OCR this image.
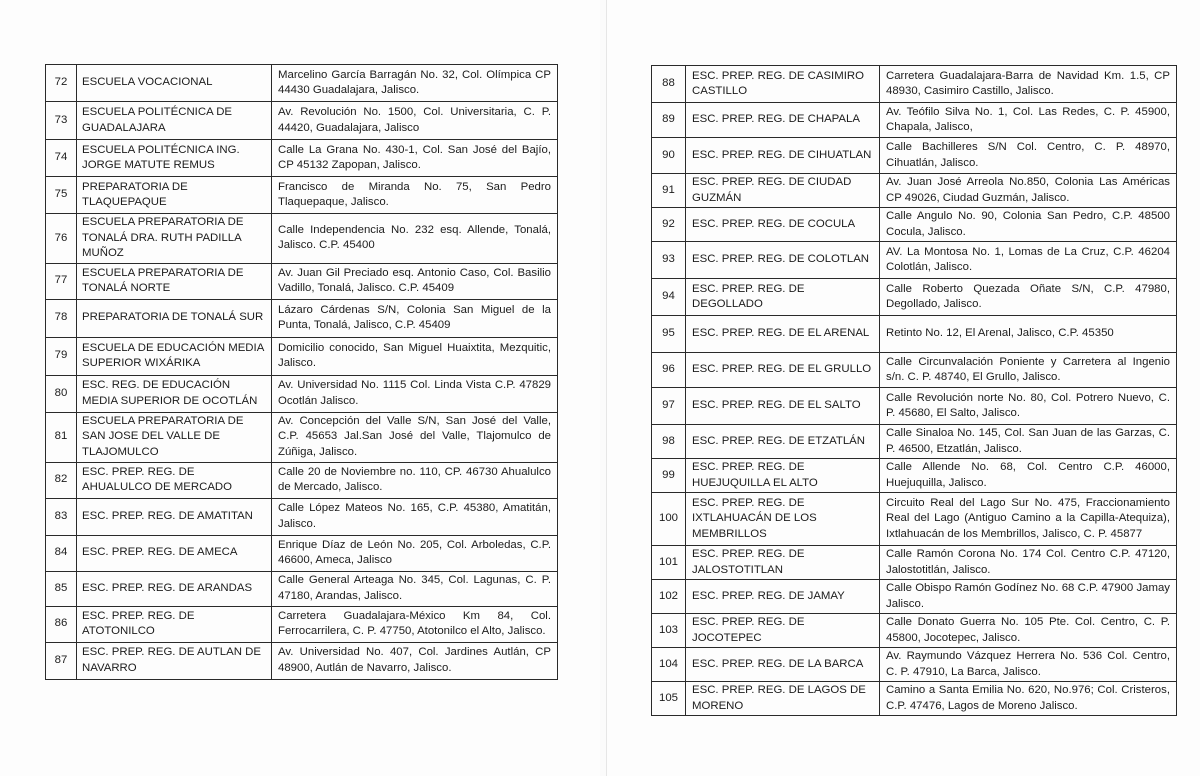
72	ESCUELA VOCACIONAL	Marcelino García Barragán No. 32, Col. Olímpica CP 44430 Guadalajara, Jalisco.
73	ESCUELA POLITÉCNICA DE GUADALAJARA	Av. Revolución No. 1500, Col. Universitaria, C. P. 44420, Guadalajara, Jalisco
74	ESCUELA POLITÉCNICA ING. JORGE MATUTE REMUS	Calle La Grana No. 430-1, Col. San José del Bajío, CP 45132 Zapopan, Jalisco.
75	PREPARATORIA DE TLAQUEPAQUE	Francisco de Miranda No. 75, San Pedro Tlaquepaque, Jalisco.
76	ESCUELA PREPARATORIA DE TONALÁ DRA. RUTH PADILLA MUÑOZ	Calle Independencia No. 232 esq. Allende, Tonalá, Jalisco. C.P. 45400
77	ESCUELA PREPARATORIA DE TONALÁ NORTE	Av. Juan Gil Preciado esq. Antonio Caso, Col. Basilio Vadillo, Tonalá, Jalisco. C.P. 45409
78	PREPARATORIA DE TONALÁ SUR	Lázaro Cárdenas S/N, Colonia San Miguel de la Punta, Tonalá, Jalisco, C.P. 45409
79	ESCUELA DE EDUCACIÓN MEDIA SUPERIOR WIXÁRIKA	Domicilio conocido, San Miguel Huaixtita, Mezquitic, Jalisco.
80	ESC. REG. DE EDUCACIÓN MEDIA SUPERIOR DE OCOTLÁN	Av. Universidad No. 1115 Col. Linda Vista C.P. 47829 Ocotlán Jalisco.
81	ESCUELA PREPARATORIA DE SAN JOSE DEL VALLE DE TLAJOMULCO	Av. Concepción del Valle S/N, San José del Valle, C.P. 45653 Jal.San José del Valle, Tlajomulco de Zúñiga, Jalisco.
82	ESC. PREP. REG. DE AHUALULCO DE MERCADO	Calle 20 de Noviembre no. 110, CP. 46730 Ahualulco de Mercado, Jalisco.
83	ESC. PREP. REG. DE AMATITAN	Calle López Mateos No. 165, C.P. 45380, Amatitán, Jalisco.
84	ESC. PREP. REG. DE AMECA	Enrique Díaz de León No. 205, Col. Arboledas, C.P. 46600, Ameca, Jalisco
85	ESC. PREP. REG. DE ARANDAS	Calle General Arteaga No. 345, Col. Lagunas, C. P. 47180, Arandas, Jalisco.
86	ESC. PREP. REG. DE ATOTONILCO	Carretera Guadalajara-México Km 84, Col. Ferrocarrilera, C. P. 47750, Atotonilco el Alto, Jalisco.
87	ESC. PREP. REG. DE AUTLAN DE NAVARRO	Av. Universidad No. 407, Col. Jardines Autlán, CP 48900, Autlán de Navarro, Jalisco.
88	ESC. PREP. REG. DE CASIMIRO CASTILLO	Carretera Guadalajara-Barra de Navidad Km. 1.5, CP 48930, Casimiro Castillo, Jalisco.
89	ESC. PREP. REG. DE CHAPALA	Av. Teófilo Silva No. 1, Col. Las Redes, C. P. 45900, Chapala, Jalisco,
90	ESC. PREP. REG. DE CIHUATLAN	Calle Bachilleres S/N Col. Centro, C. P. 48970, Cihuatlán, Jalisco.
91	ESC. PREP. REG. DE CIUDAD GUZMÁN	Av. Juan José Arreola No.850, Colonia Las Américas CP 49026, Ciudad Guzmán, Jalisco.
92	ESC. PREP. REG. DE COCULA	Calle Angulo No. 90, Colonia San Pedro, C.P. 48500 Cocula, Jalisco.
93	ESC. PREP. REG. DE COLOTLAN	AV. La Montosa No. 1, Lomas de La Cruz, C.P. 46204 Colotlán, Jalisco.
94	ESC. PREP. REG. DE DEGOLLADO	Calle Roberto Quezada Oñate S/N, C.P. 47980, Degollado, Jalisco.
95	ESC. PREP. REG. DE EL ARENAL	Retinto No. 12, El Arenal, Jalisco, C.P. 45350
96	ESC. PREP. REG. DE EL GRULLO	Calle Circunvalación Poniente y Carretera al Ingenio s/n. C. P. 48740, El Grullo, Jalisco.
97	ESC. PREP. REG. DE EL SALTO	Calle Revolución norte No. 80, Col. Potrero Nuevo, C. P. 45680, El Salto, Jalisco.
98	ESC. PREP. REG. DE ETZATLÁN	Calle Sinaloa No. 145, Col. San Juan de las Garzas, C. P. 46500, Etzatlán, Jalisco.
99	ESC. PREP. REG. DE HUEJUQUILLA EL ALTO	Calle Allende No. 68, Col. Centro C.P. 46000, Huejuquilla, Jalisco.
100	ESC. PREP. REG. DE IXTLAHUACÁN DE LOS MEMBRILLOS	Circuito Real del Lago Sur No. 475, Fraccionamiento Real del Lago (Antiguo Camino a la Capilla-Atequiza), Ixtlahuacán de los Membrillos, Jalisco, C. P. 45877
101	ESC. PREP. REG. DE JALOSTOTITLAN	Calle Ramón Corona No. 174 Col. Centro C.P. 47120, Jalostotitlán, Jalisco.
102	ESC. PREP. REG. DE JAMAY	Calle Obispo Ramón Godínez No. 68 C.P. 47900 Jamay Jalisco.
103	ESC. PREP. REG. DE JOCOTEPEC	Calle Donato Guerra No. 105 Pte. Col. Centro, C. P. 45800, Jocotepec, Jalisco.
104	ESC. PREP. REG. DE LA BARCA	Av. Raymundo Vázquez Herrera No. 536 Col. Centro, C. P. 47910, La Barca, Jalisco.
105	ESC. PREP. REG. DE LAGOS DE MORENO	Camino a Santa Emilia No. 620, No.976; Col. Cristeros, C.P. 47476, Lagos de Moreno Jalisco.
